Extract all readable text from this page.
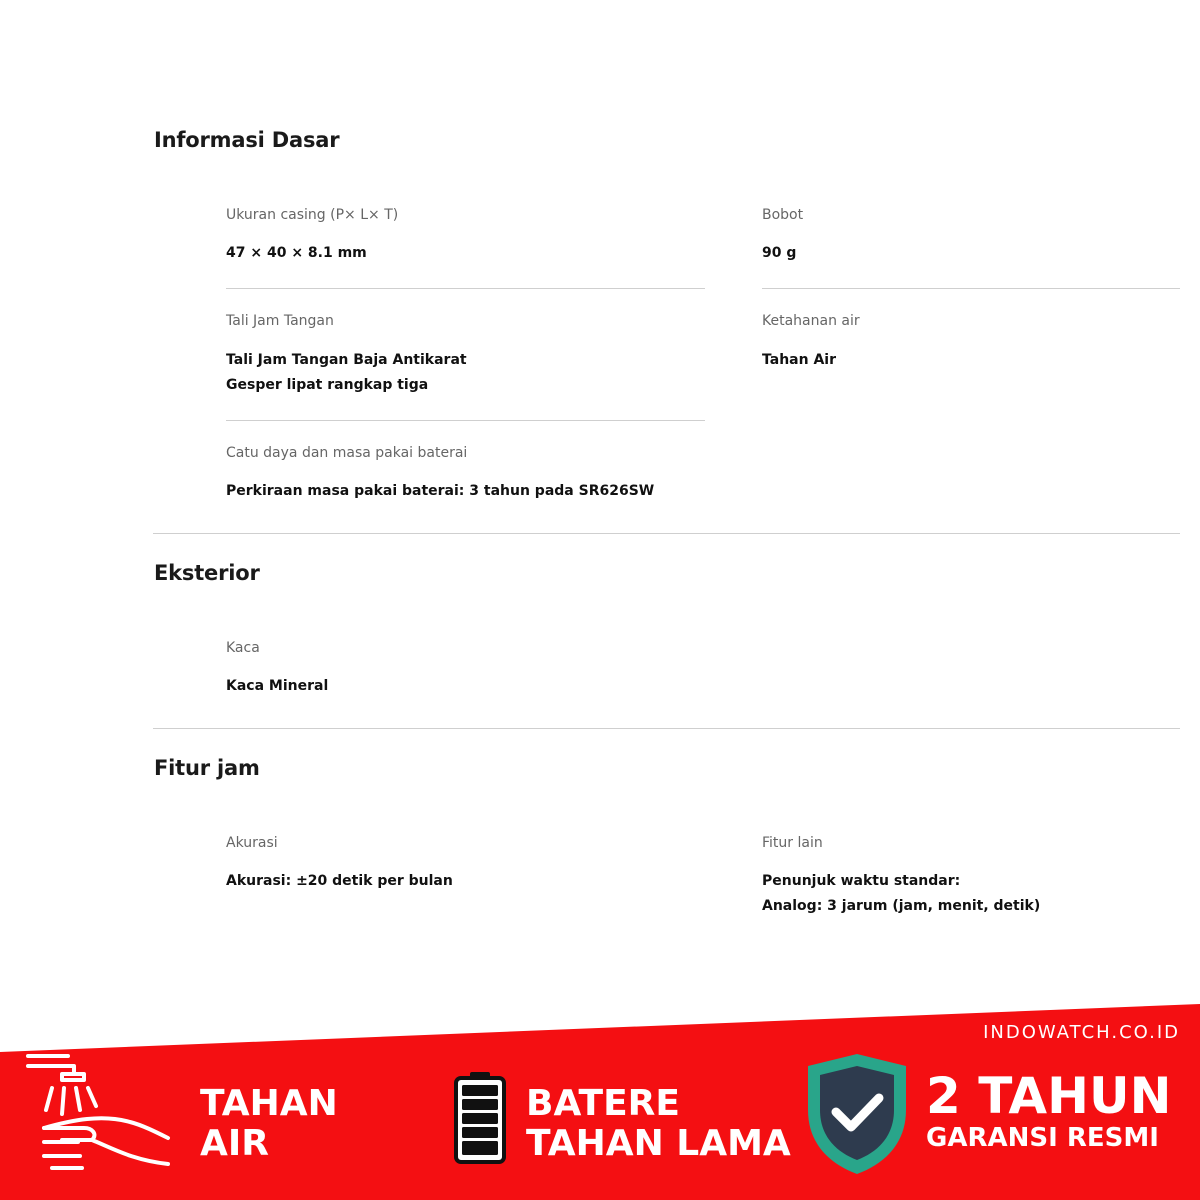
Informasi Dasar
Ukuran casing (P× L× T)
47 × 40 × 8.1 mm
Bobot
90 g
Tali Jam Tangan
Tali Jam Tangan Baja Antikarat
Gesper lipat rangkap tiga
Ketahanan air
Tahan Air
Catu daya dan masa pakai baterai
Perkiraan masa pakai baterai: 3 tahun pada SR626SW
Eksterior
Kaca
Kaca Mineral
Fitur jam
Akurasi
Akurasi: ±20 detik per bulan
Fitur lain
Penunjuk waktu standar:
Analog: 3 jarum (jam, menit, detik)
INDOWATCH.CO.ID
TAHAN
AIR
BATERE
TAHAN LAMA
2 TAHUN
GARANSI RESMI
